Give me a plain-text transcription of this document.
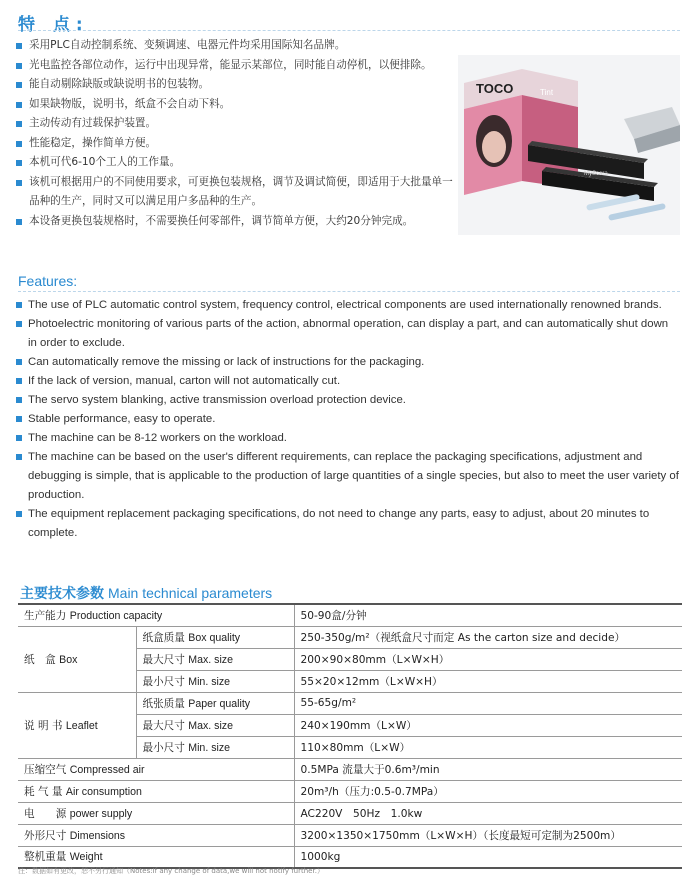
特 点:
采用PLC自动控制系统、变频调速、电器元件均采用国际知名品牌。
光电监控各部位动作，运行中出现异常，能显示某部位，同时能自动停机，以便排除。
能自动剔除缺版或缺说明书的包装物。
如果缺物版，说明书，纸盒不会自动下料。
主动传动有过载保护装置。
性能稳定，操作简单方便。
本机可代6-10个工人的工作量。
该机可根据用户的不同使用要求，可更换包装规格，调节及调试简便，即适用于大批量单一品种的生产，同时又可以满足用户多品种的生产。
本设备更换包装规格时，不需要换任何零部件，调节简单方便，大约20分钟完成。
TOCO	Tint
MyScara
Features:
The use of PLC automatic control system, frequency control, electrical components are used internationally renowned brands.
Photoelectric monitoring of various parts of the action, abnormal operation, can display a part, and can automatically shut down in order to exclude.
Can automatically remove the missing or lack of instructions for the packaging.
If the lack of version, manual, carton will not automatically cut.
The servo system blanking, active transmission overload protection device.
Stable performance, easy to operate.
The machine can be 8-12 workers on the workload.
The machine can be based on the user's different requirements, can replace the packaging specifications, adjustment and debugging is simple, that is applicable to the production of large quantities of a single species, but also to meet the user variety of production.
The equipment replacement packaging specifications, do not need to change any parts, easy to adjust, about 20 minutes to complete.
主要技术参数 Main technical parameters
生产能力 Production capacity		50-90盒/分钟
纸　盒 Box	纸盒质量 Box quality	250-350g/m²（视纸盒尺寸而定 As the carton size and decide）
	最大尺寸 Max. size	200×90×80mm（L×W×H）
	最小尺寸 Min. size	55×20×12mm（L×W×H）
说 明 书 Leaflet	纸张质量 Paper quality	55-65g/m²
	最大尺寸 Max. size	240×190mm（L×W）
	最小尺寸 Min. size	110×80mm（L×W）
压缩空气 Compressed air		0.5MPa 流量大于0.6m³/min
耗 气 量 Air consumption		20m³/h（压力:0.5-0.7MPa）
电　　源 power supply		AC220V　50Hz　1.0kw
外形尺寸 Dimensions		3200×1350×1750mm（L×W×H）（长度最短可定制为2500m）
整机重量 Weight		1000kg
注：数据如有更改，恕不另行通知（Notes:If any change of data,we will not notify further.）
